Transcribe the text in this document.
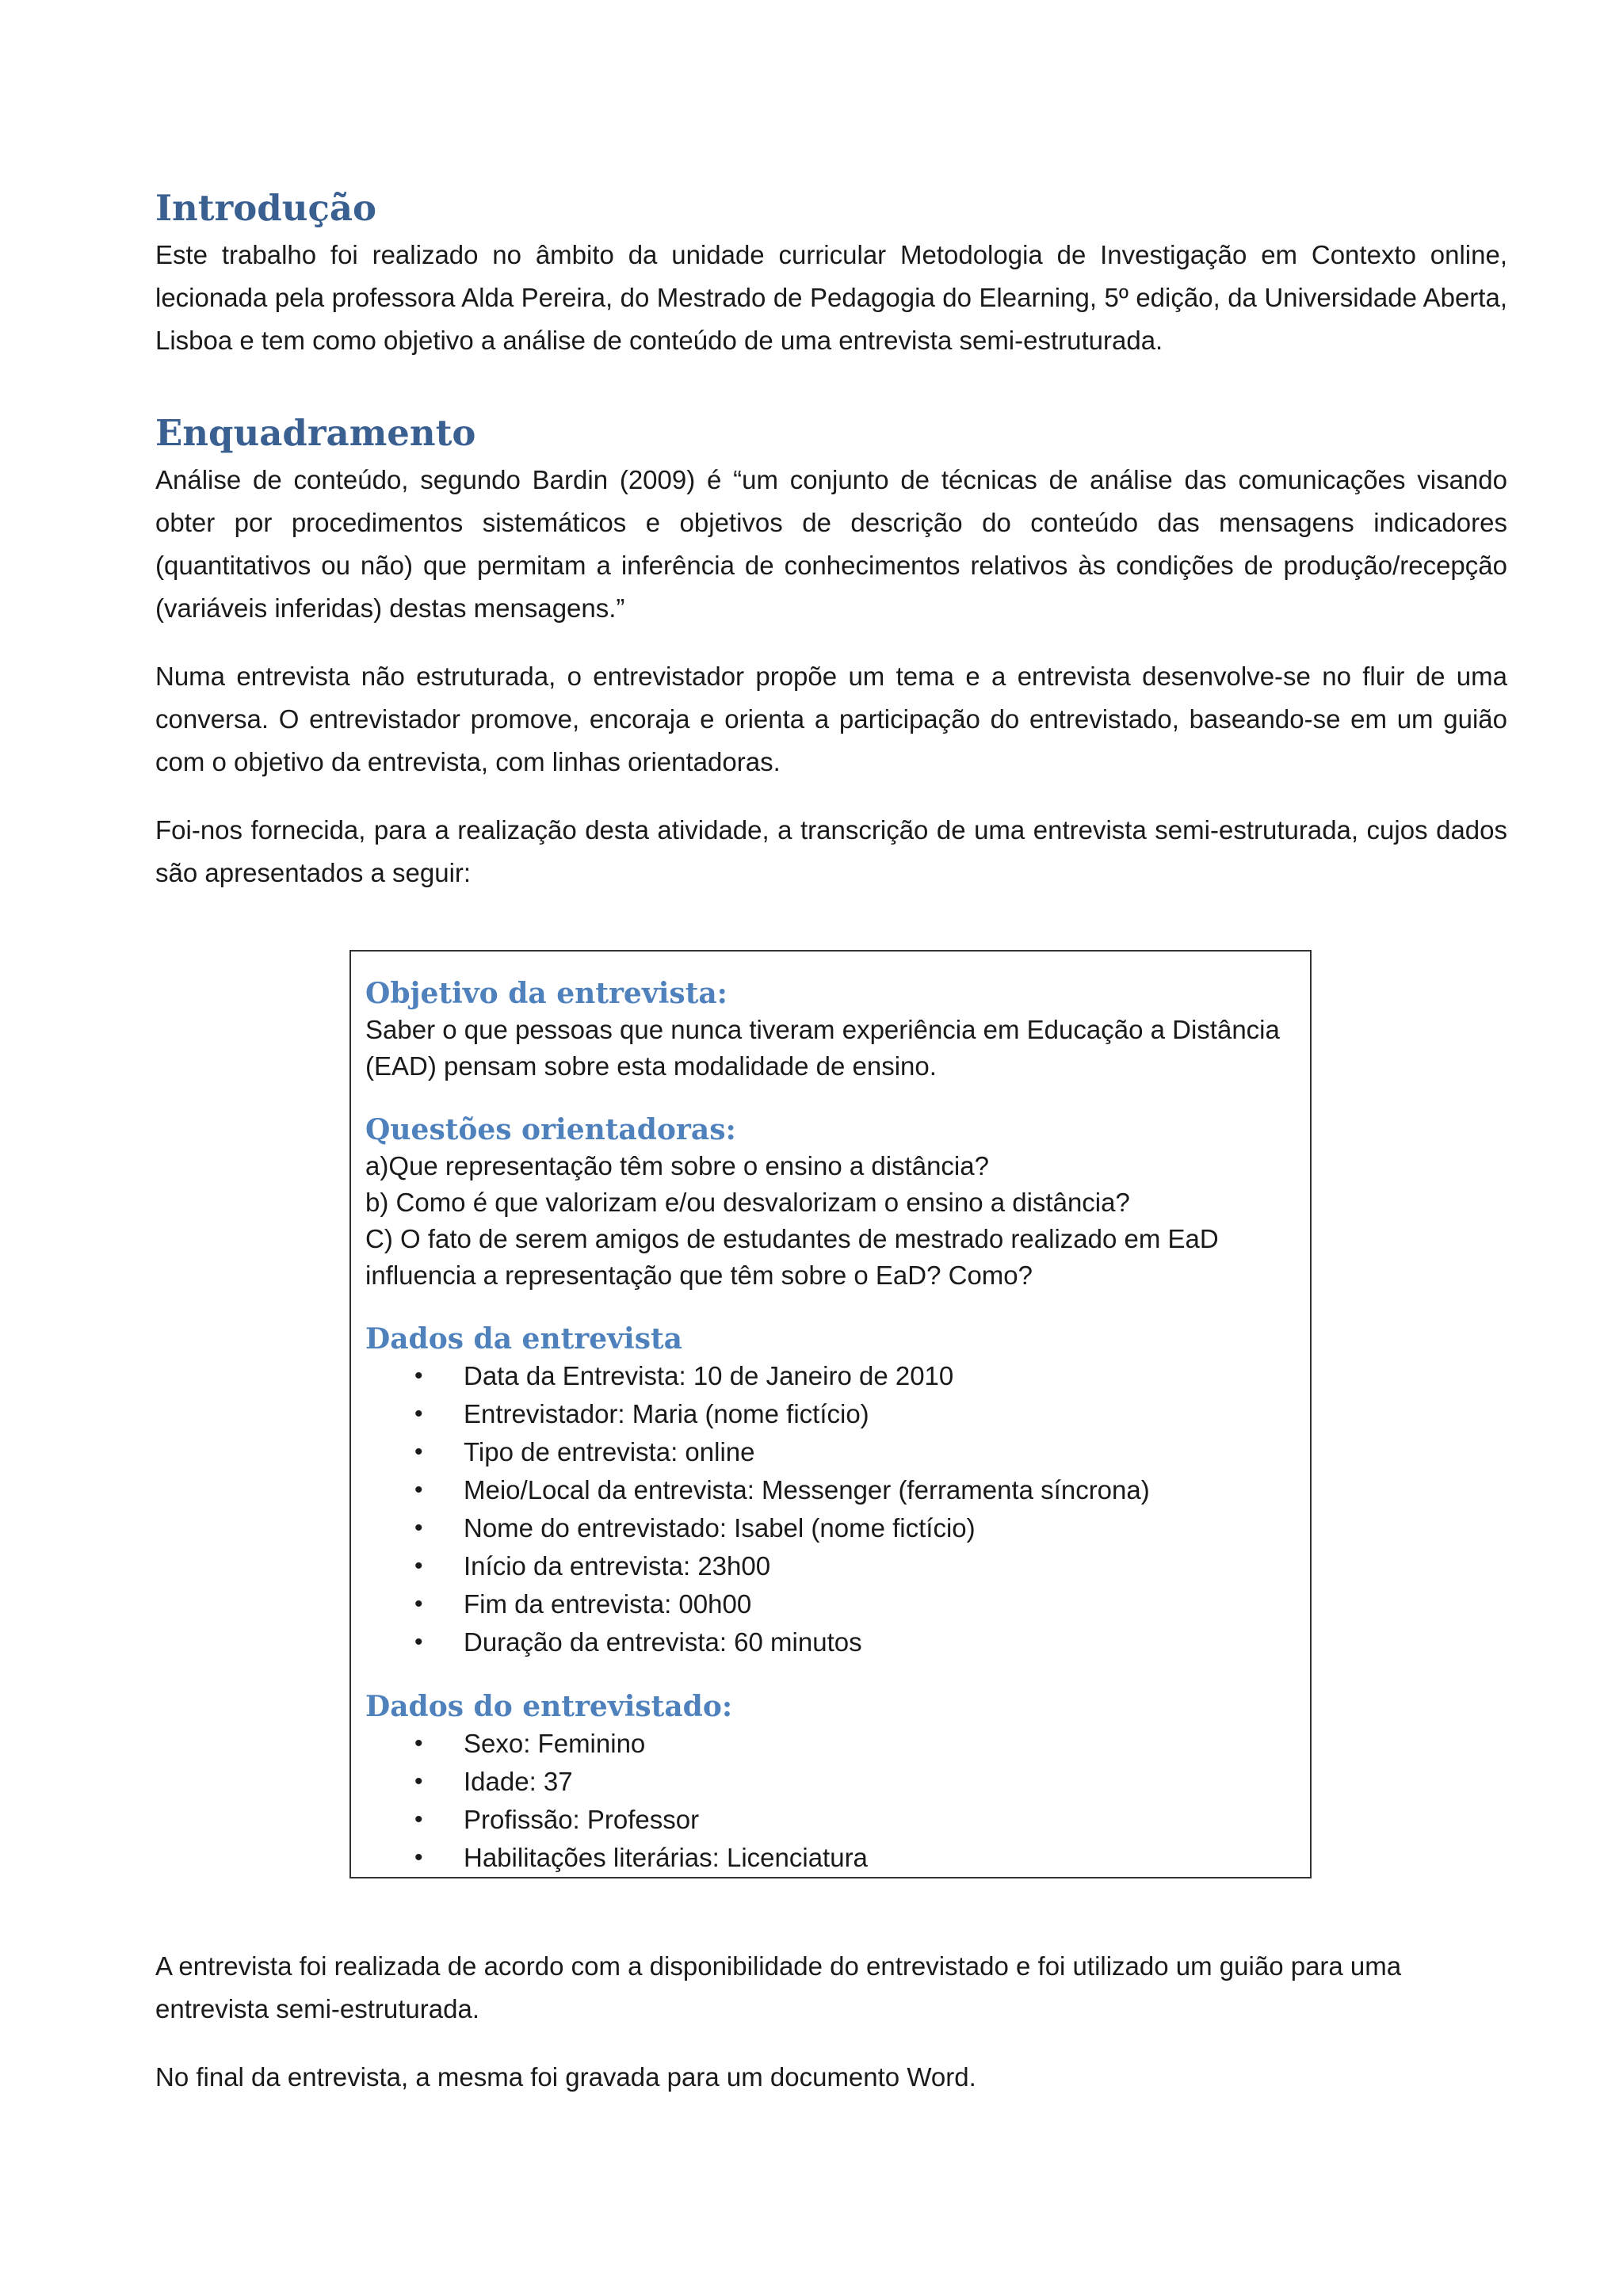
Introdução

Este trabalho foi realizado no âmbito da unidade curricular Metodologia de Investigação em Contexto online, lecionada pela professora Alda Pereira, do Mestrado de Pedagogia do Elearning, 5º edição, da Universidade Aberta, Lisboa e tem como objetivo a análise de conteúdo de uma entrevista semi-estruturada.

Enquadramento

Análise de conteúdo, segundo Bardin (2009) é “um conjunto de técnicas de análise das comunicações visando obter por procedimentos sistemáticos e objetivos de descrição do conteúdo das mensagens indicadores (quantitativos ou não) que permitam a inferência de conhecimentos relativos às condições de produção/recepção (variáveis inferidas) destas mensagens.”

Numa entrevista não estruturada, o entrevistador propõe um tema e a entrevista desenvolve-se no fluir de uma conversa. O entrevistador promove, encoraja e orienta a participação do entrevistado, baseando-se em um guião com o objetivo da entrevista, com linhas orientadoras.

Foi-nos fornecida, para a realização desta atividade, a transcrição de uma entrevista semi-estruturada, cujos dados são apresentados a seguir:

Objetivo da entrevista:

Saber o que pessoas que nunca tiveram experiência em Educação a Distância (EAD) pensam sobre esta modalidade de ensino.

Questões orientadoras:

a)Que representação têm sobre o ensino a distância?

b) Como é que valorizam e/ou desvalorizam o ensino a distância?

C) O fato de serem amigos de estudantes de mestrado realizado em EaD influencia a representação que têm sobre o EaD? Como?

Dados da entrevista

• Data da Entrevista: 10 de Janeiro de 2010
• Entrevistador: Maria (nome fictício)
• Tipo de entrevista: online
• Meio/Local da entrevista: Messenger (ferramenta síncrona)
• Nome do entrevistado: Isabel (nome fictício)
• Início da entrevista: 23h00
• Fim da entrevista: 00h00
• Duração da entrevista: 60 minutos

Dados do entrevistado:

• Sexo: Feminino
• Idade: 37
• Profissão: Professor
• Habilitações literárias: Licenciatura

A entrevista foi realizada de acordo com a disponibilidade do entrevistado e foi utilizado um guião para uma entrevista semi-estruturada.

No final da entrevista, a mesma foi gravada para um documento Word.
